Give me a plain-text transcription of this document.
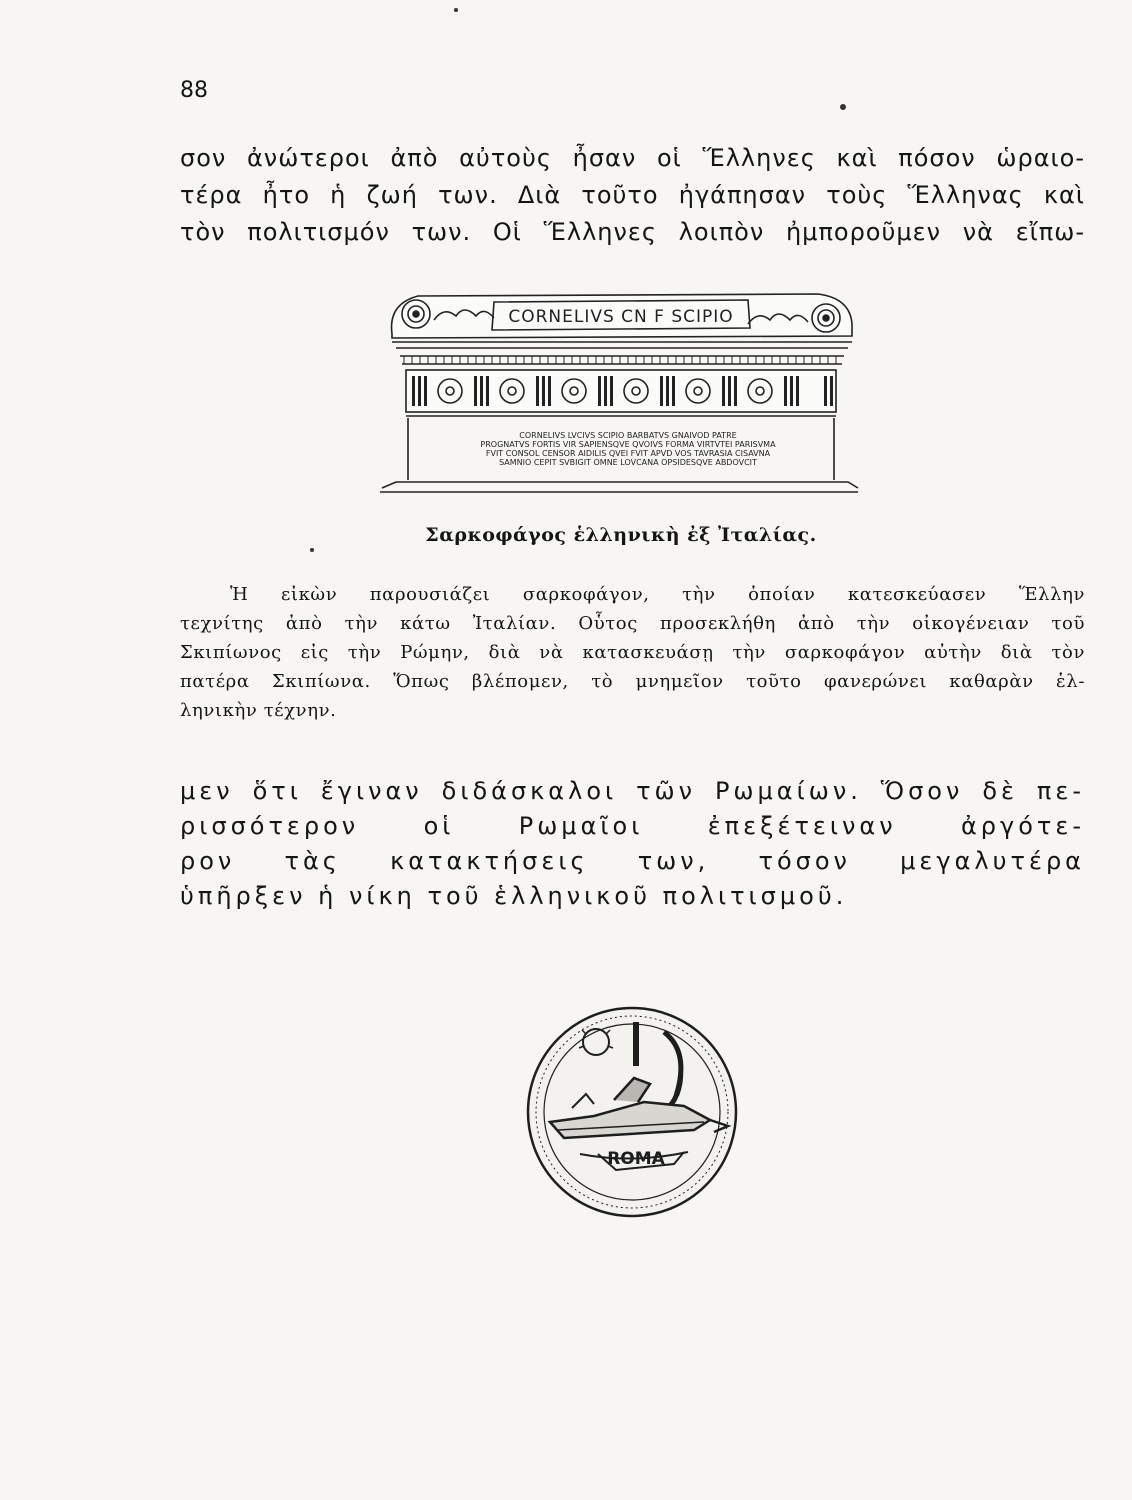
88

σον ἀνώτεροι ἀπὸ αὐτοὺς ἦσαν οἱ Ἕλληνες καὶ πόσον ὡραιο-
τέρα ἦτο ἡ ζωή των. Διὰ τοῦτο ἠγάπησαν τοὺς Ἕλληνας καὶ
τὸν πολιτισμόν των. Οἱ Ἕλληνες λοιπὸν ἠμποροῦμεν νὰ εἴπω-

CORNELIVS CN F SCIPIO
CORNELIVS LVCIVS SCIPIO BARBATVS GNAIVOD PATRE
PROGNATVS FORTIS VIR SAPIENSQVE QVOIVS FORMA VIRTVTEI PARISVMA
FVIT CONSOL CENSOR AIDILIS QVEI FVIT APVD VOS TAVRASIA CISAVNA
SAMNIO CEPIT SVBIGIT OMNE LOVCANA OPSIDESQVE ABDOVCIT
Σαρκοφάγος ἑλληνικὴ ἐξ Ἰταλίας.
Ἡ εἰκὼν παρουσιάζει σαρκοφάγον, τὴν ὁποίαν κατεσκεύασεν Ἕλλην
τεχνίτης ἀπὸ τὴν κάτω Ἰταλίαν. Οὗτος προσεκλήθη ἀπὸ τὴν οἰκογένειαν τοῦ
Σκιπίωνος εἰς τὴν Ρώμην, διὰ νὰ κατασκευάσῃ τὴν σαρκοφάγον αὐτὴν διὰ τὸν
πατέρα Σκιπίωνα. Ὅπως βλέπομεν, τὸ μνημεῖον τοῦτο φανερώνει καθαρὰν ἑλ-
ληνικὴν τέχνην.

μεν ὅτι ἔγιναν διδάσκαλοι τῶν Ρωμαίων. Ὅσον δὲ πε-
ρισσότερον οἱ Ρωμαῖοι ἐπεξέτειναν ἀργότε-
ρον τὰς κατακτήσεις των, τόσον μεγαλυτέρα
ὑπῆρξεν ἡ νίκη τοῦ ἑλληνικοῦ πολιτισμοῦ.

ROMA
